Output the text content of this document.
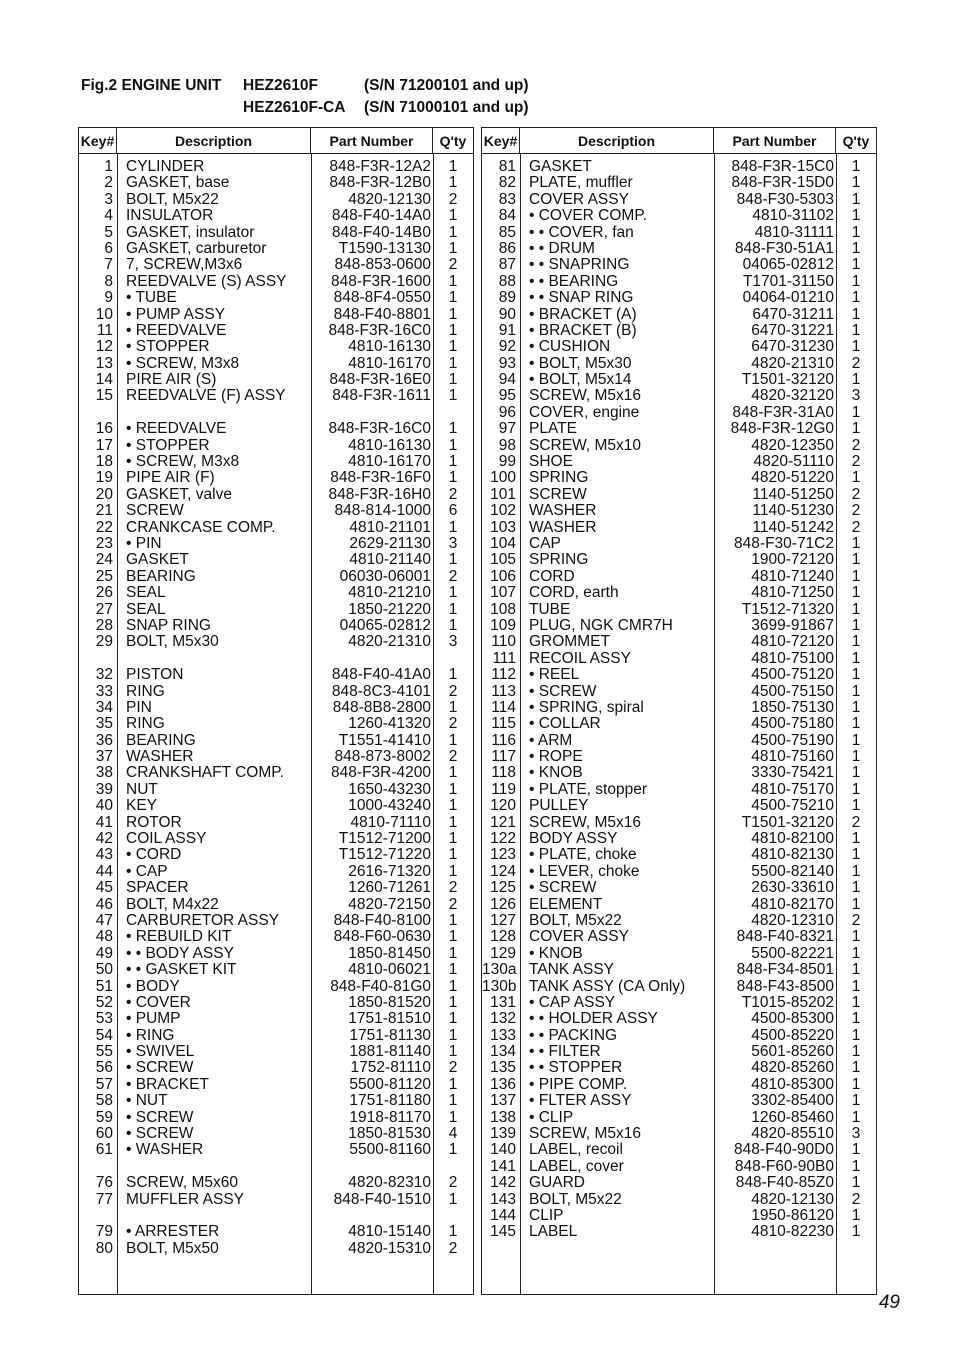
Fig.2 ENGINE UNIT HEZ2610F	(S/N 71200101 and up)
HEZ2610F-CA (S/N 71000101 and up)
Key#	Description	Part Number	Q'ty
1 CYLINDER	848-F3R-12A2	1
2 GASKET, base	848-F3R-12B0	1
3 BOLT, M5x22	4820-12130	2
4 INSULATOR	848-F40-14A0	1
5 GASKET, insulator	848-F40-14B0	1
6 GASKET, carburetor	T1590-13130	1
7 7, SCREW,M3x6	848-853-0600	2
8 REEDVALVE (S) ASSY	848-F3R-1600	1
9 • TUBE	848-8F4-0550	1
10 • PUMP ASSY	848-F40-8801	1
11 • REEDVALVE	848-F3R-16C0	1
12 • STOPPER	4810-16130	1
13 • SCREW, M3x8	4810-16170	1
14 PIRE AIR (S)	848-F3R-16E0	1
15 REEDVALVE (F) ASSY	848-F3R-1611	1
16 • REEDVALVE	848-F3R-16C0	1
17 • STOPPER	4810-16130	1
18 • SCREW, M3x8	4810-16170	1
19 PIPE AIR (F)	848-F3R-16F0	1
20 GASKET, valve	848-F3R-16H0	2
21 SCREW	848-814-1000	6
22 CRANKCASE COMP.	4810-21101	1
23 • PIN	2629-21130	3
24 GASKET	4810-21140	1
25 BEARING	06030-06001	2
26 SEAL	4810-21210	1
27 SEAL	1850-21220	1
28 SNAP RING	04065-02812	1
29 BOLT, M5x30	4820-21310	3
32 PISTON	848-F40-41A0	1
33 RING	848-8C3-4101	2
34 PIN	848-8B8-2800	1
35 RING	1260-41320	2
36 BEARING	T1551-41410	1
37 WASHER	848-873-8002	2
38 CRANKSHAFT COMP.	848-F3R-4200	1
39 NUT	1650-43230	1
40 KEY	1000-43240	1
41 ROTOR	4810-71110	1
42 COIL ASSY	T1512-71200	1
43 • CORD	T1512-71220	1
44 • CAP	2616-71320	1
45 SPACER	1260-71261	2
46 BOLT, M4x22	4820-72150	2
47 CARBURETOR ASSY	848-F40-8100	1
48 • REBUILD KIT	848-F60-0630	1
49 • • BODY ASSY	1850-81450	1
50 • • GASKET KIT	4810-06021	1
51 • BODY	848-F40-81G0	1
52 • COVER	1850-81520	1
53 • PUMP	1751-81510	1
54 • RING	1751-81130	1
55 • SWIVEL	1881-81140	1
56 • SCREW	1752-81110	2
57 • BRACKET	5500-81120	1
58 • NUT	1751-81180	1
59 • SCREW	1918-81170	1
60 • SCREW	1850-81530	4
61 • WASHER	5500-81160	1
76 SCREW, M5x60	4820-82310	2
77 MUFFLER ASSY	848-F40-1510	1
79 • ARRESTER	4810-15140	1
80 BOLT, M5x50	4820-15310	2
Key#	Description	Part Number	Q'ty
81 GASKET	848-F3R-15C0	1
82 PLATE, muffler	848-F3R-15D0	1
83 COVER ASSY	848-F30-5303	1
84 • COVER COMP.	4810-31102	1
85 • • COVER, fan	4810-31111	1
86 • • DRUM	848-F30-51A1	1
87 • • SNAPRING	04065-02812	1
88 • • BEARING	T1701-31150	1
89 • • SNAP RING	04064-01210	1
90 • BRACKET (A)	6470-31211	1
91 • BRACKET (B)	6470-31221	1
92 • CUSHION	6470-31230	1
93 • BOLT, M5x30	4820-21310	2
94 • BOLT, M5x14	T1501-32120	1
95 SCREW, M5x16	4820-32120	3
96 COVER, engine	848-F3R-31A0	1
97 PLATE	848-F3R-12G0	1
98 SCREW, M5x10	4820-12350	2
99 SHOE	4820-51110	2
100 SPRING	4820-51220	1
101 SCREW	1140-51250	2
102 WASHER	1140-51230	2
103 WASHER	1140-51242	2
104 CAP	848-F30-71C2	1
105 SPRING	1900-72120	1
106 CORD	4810-71240	1
107 CORD, earth	4810-71250	1
108 TUBE	T1512-71320	1
109 PLUG, NGK CMR7H	3699-91867	1
110 GROMMET	4810-72120	1
111 RECOIL ASSY	4810-75100	1
112 • REEL	4500-75120	1
113 • SCREW	4500-75150	1
114 • SPRING, spiral	1850-75130	1
115 • COLLAR	4500-75180	1
116 • ARM	4500-75190	1
117 • ROPE	4810-75160	1
118 • KNOB	3330-75421	1
119 • PLATE, stopper	4810-75170	1
120 PULLEY	4500-75210	1
121 SCREW, M5x16	T1501-32120	2
122 BODY ASSY	4810-82100	1
123 • PLATE, choke	4810-82130	1
124 • LEVER, choke	5500-82140	1
125 • SCREW	2630-33610	1
126 ELEMENT	4810-82170	1
127 BOLT, M5x22	4820-12310	2
128 COVER ASSY	848-F40-8321	1
129 • KNOB	5500-82221	1
130a TANK ASSY	848-F34-8501	1
130b TANK ASSY (CA Only)	848-F43-8500	1
131 • CAP ASSY	T1015-85202	1
132 • • HOLDER ASSY	4500-85300	1
133 • • PACKING	4500-85220	1
134 • • FILTER	5601-85260	1
135 • • STOPPER	4820-85260	1
136 • PIPE COMP.	4810-85300	1
137 • FLTER ASSY	3302-85400	1
138 • CLIP	1260-85460	1
139 SCREW, M5x16	4820-85510	3
140 LABEL, recoil	848-F40-90D0	1
141 LABEL, cover	848-F60-90B0	1
142 GUARD	848-F40-85Z0	1
143 BOLT, M5x22	4820-12130	2
144 CLIP	1950-86120	1
145 LABEL	4810-82230	1
49
